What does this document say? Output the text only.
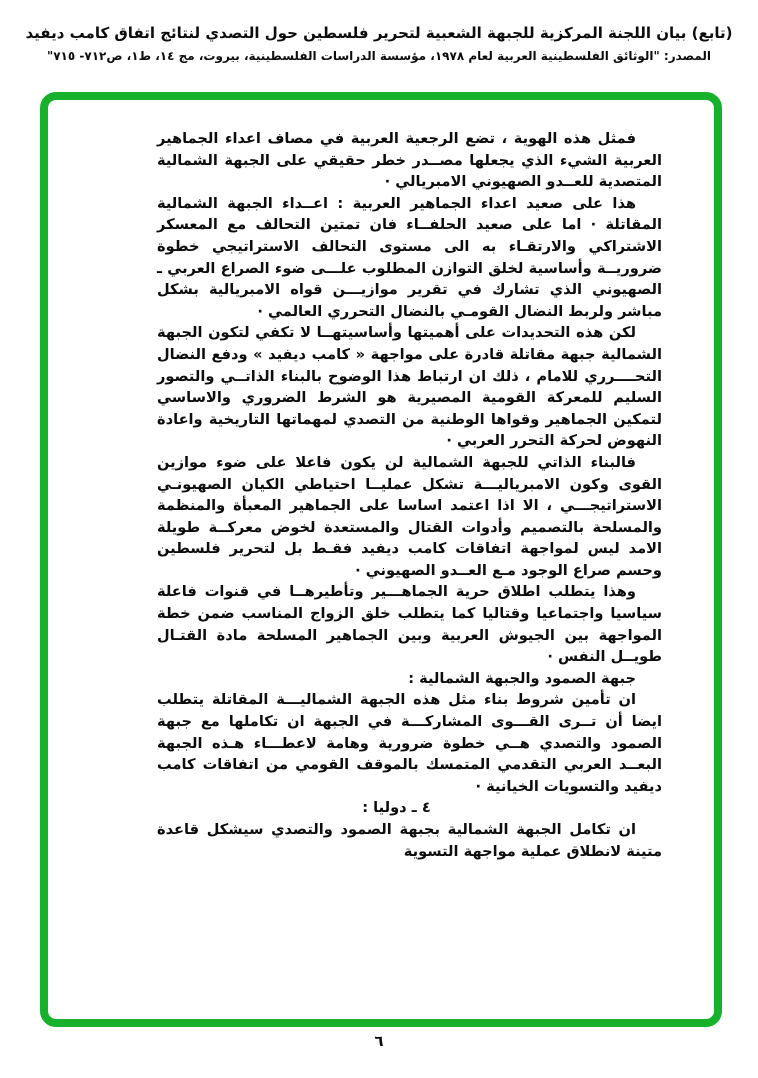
(تابع) بيان اللجنة المركزية للجبهة الشعبية لتحرير فلسطين حول التصدي لنتائج اتفاق كامب ديفيد

المصدر: "الوثائق الفلسطينية العربية لعام ١٩٧٨، مؤسسة الدراسات الفلسطينية، بيروت، مج ١٤، ط١، ص٧١٢- ٧١٥"

فمثل هذه الهوية ، تضع الرجعية العربية في مصاف اعداء الجماهير العربية الشيء الذي يجعلها مصــدر خطر حقيقي على الجبهة الشمالية المتصدية للعــدو الصهيوني الامبريالي ·

هذا على صعيد اعداء الجماهير العربية : اعــداء الجبهة الشمالية المقاتلة · اما على صعيد الحلفــاء فان تمتين التحالف مع المعسكر الاشتراكي والارتقـاء به الى مستوى التحالف الاستراتيجي خطوة ضروريــة وأساسية لخلق التوازن المطلوب علـــى ضوء الصراع العربي ـ الصهيوني الذي تشارك في تقرير موازيـــن قواه الامبريالية بشكل مباشر ولربط النضال القومـي بالنضال التحرري العالمي ·

لكن هذه التحديدات على أهميتها وأساسيتهــا لا تكفي لتكون الجبهة الشمالية جبهة مقاتلة قادرة على مواجهة « كامب ديفيد » ودفع النضال التحــــرري للامام ، ذلك ان ارتباط هذا الوضوح بالبناء الذاتــي والتصور السليم للمعركة القومية المصيرية هو الشرط الضروري والاساسي لتمكين الجماهير وقواها الوطنية من التصدي لمهماتها التاريخية واعادة النهوض لحركة التحرر العربي ·

فالبناء الذاتي للجبهة الشمالية لن يكون فاعلا على ضوء موازين القوى وكون الامبرياليـــة تشكل عمليــا احتياطي الكيان الصهيونـي الاستراتيجـــي ، الا اذا اعتمد اساسا على الجماهير المعبأة والمنظمة والمسلحة بالتصميم وأدوات القتال والمستعدة لخوض معركــة طويلة الامد ليس لمواجهة اتفاقات كامب ديفيد فقـط بل لتحرير فلسطين وحسم صراع الوجود مـع العــدو الصهيوني ·

وهذا يتطلب اطلاق حرية الجماهـــير وتأطيرهــا في قنوات فاعلة سياسيا واجتماعيا وقتاليا كما يتطلب خلق الزواج المناسب ضمن خطة المواجهة بين الجيوش العربية وبين الجماهير المسلحة مادة القتـال طويــل النفس ·

جبهة الصمود والجبهة الشمالية :

ان تأمين شروط بناء مثل هذه الجبهة الشماليـــة المقاتلة يتطلب ايضا أن تــرى القـــوى المشاركـــة في الجبهة ان تكاملها مع جبهة الصمود والتصدي هــي خطوة ضرورية وهامة لاعطـــاء هـذه الجبهة البعــد العربي التقدمي المتمسك بالموقف القومي من اتفاقات كامب ديفيد والتسويات الخيانية ·

٤ ـ دوليا :

ان تكامل الجبهة الشمالية بجبهة الصمود والتصدي سيشكل قاعدة متينة لانطلاق عملية مواجهة التسوية

٦
